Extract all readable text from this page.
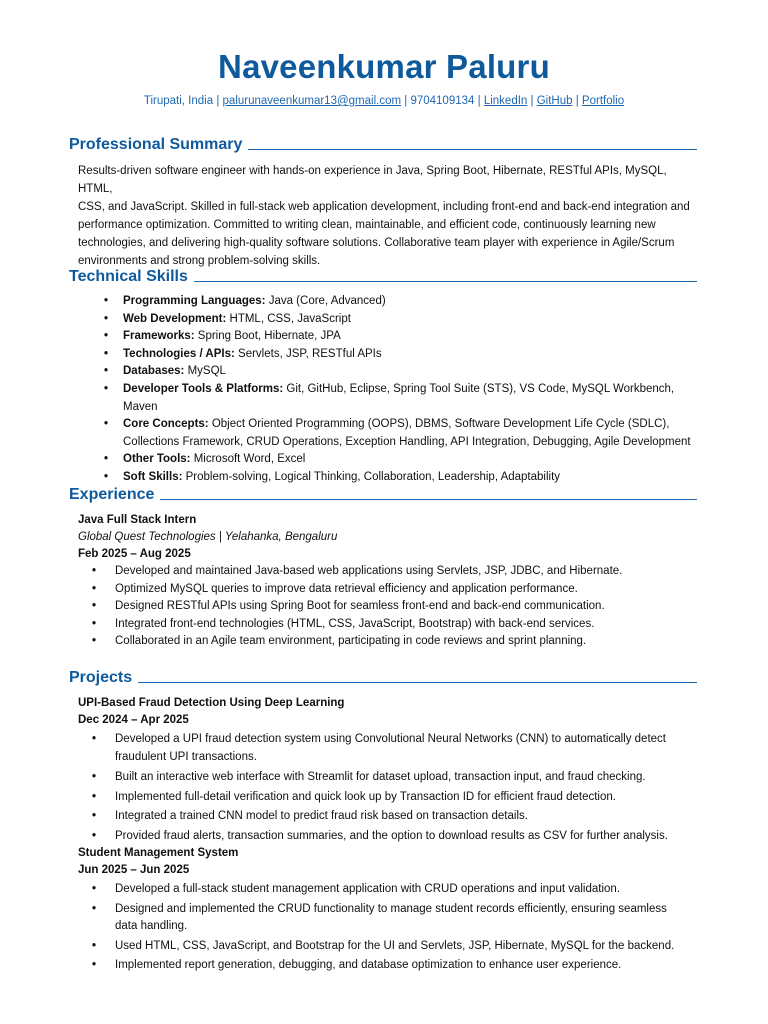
Naveenkumar Paluru
Tirupati, India | palurunaveenkumar13@gmail.com | 9704109134 | LinkedIn | GitHub | Portfolio
Professional Summary
Results-driven software engineer with hands-on experience in Java, Spring Boot, Hibernate, RESTful APIs, MySQL, HTML,
CSS, and JavaScript. Skilled in full-stack web application development, including front-end and back-end integration and
performance optimization. Committed to writing clean, maintainable, and efficient code, continuously learning new
technologies, and delivering high-quality software solutions. Collaborative team player with experience in Agile/Scrum
environments and strong problem-solving skills.
Technical Skills
• Programming Languages: Java (Core, Advanced)
• Web Development: HTML, CSS, JavaScript
• Frameworks: Spring Boot, Hibernate, JPA
• Technologies / APIs: Servlets, JSP, RESTful APIs
• Databases: MySQL
• Developer Tools & Platforms: Git, GitHub, Eclipse, Spring Tool Suite (STS), VS Code, MySQL Workbench, Maven
• Core Concepts: Object Oriented Programming (OOPS), DBMS, Software Development Life Cycle (SDLC),
Collections Framework, CRUD Operations, Exception Handling, API Integration, Debugging, Agile Development
• Other Tools: Microsoft Word, Excel
• Soft Skills: Problem-solving, Logical Thinking, Collaboration, Leadership, Adaptability
Experience
Java Full Stack Intern
Global Quest Technologies | Yelahanka, Bengaluru
Feb 2025 – Aug 2025
• Developed and maintained Java-based web applications using Servlets, JSP, JDBC, and Hibernate.
• Optimized MySQL queries to improve data retrieval efficiency and application performance.
• Designed RESTful APIs using Spring Boot for seamless front-end and back-end communication.
• Integrated front-end technologies (HTML, CSS, JavaScript, Bootstrap) with back-end services.
• Collaborated in an Agile team environment, participating in code reviews and sprint planning.
Projects
UPI-Based Fraud Detection Using Deep Learning
Dec 2024 – Apr 2025
• Developed a UPI fraud detection system using Convolutional Neural Networks (CNN) to automatically detect
fraudulent UPI transactions.
• Built an interactive web interface with Streamlit for dataset upload, transaction input, and fraud checking.
• Implemented full-detail verification and quick look up by Transaction ID for efficient fraud detection.
• Integrated a trained CNN model to predict fraud risk based on transaction details.
• Provided fraud alerts, transaction summaries, and the option to download results as CSV for further analysis.
Student Management System
Jun 2025 – Jun 2025
• Developed a full-stack student management application with CRUD operations and input validation.
• Designed and implemented the CRUD functionality to manage student records efficiently, ensuring seamless
data handling.
• Used HTML, CSS, JavaScript, and Bootstrap for the UI and Servlets, JSP, Hibernate, MySQL for the backend.
• Implemented report generation, debugging, and database optimization to enhance user experience.
